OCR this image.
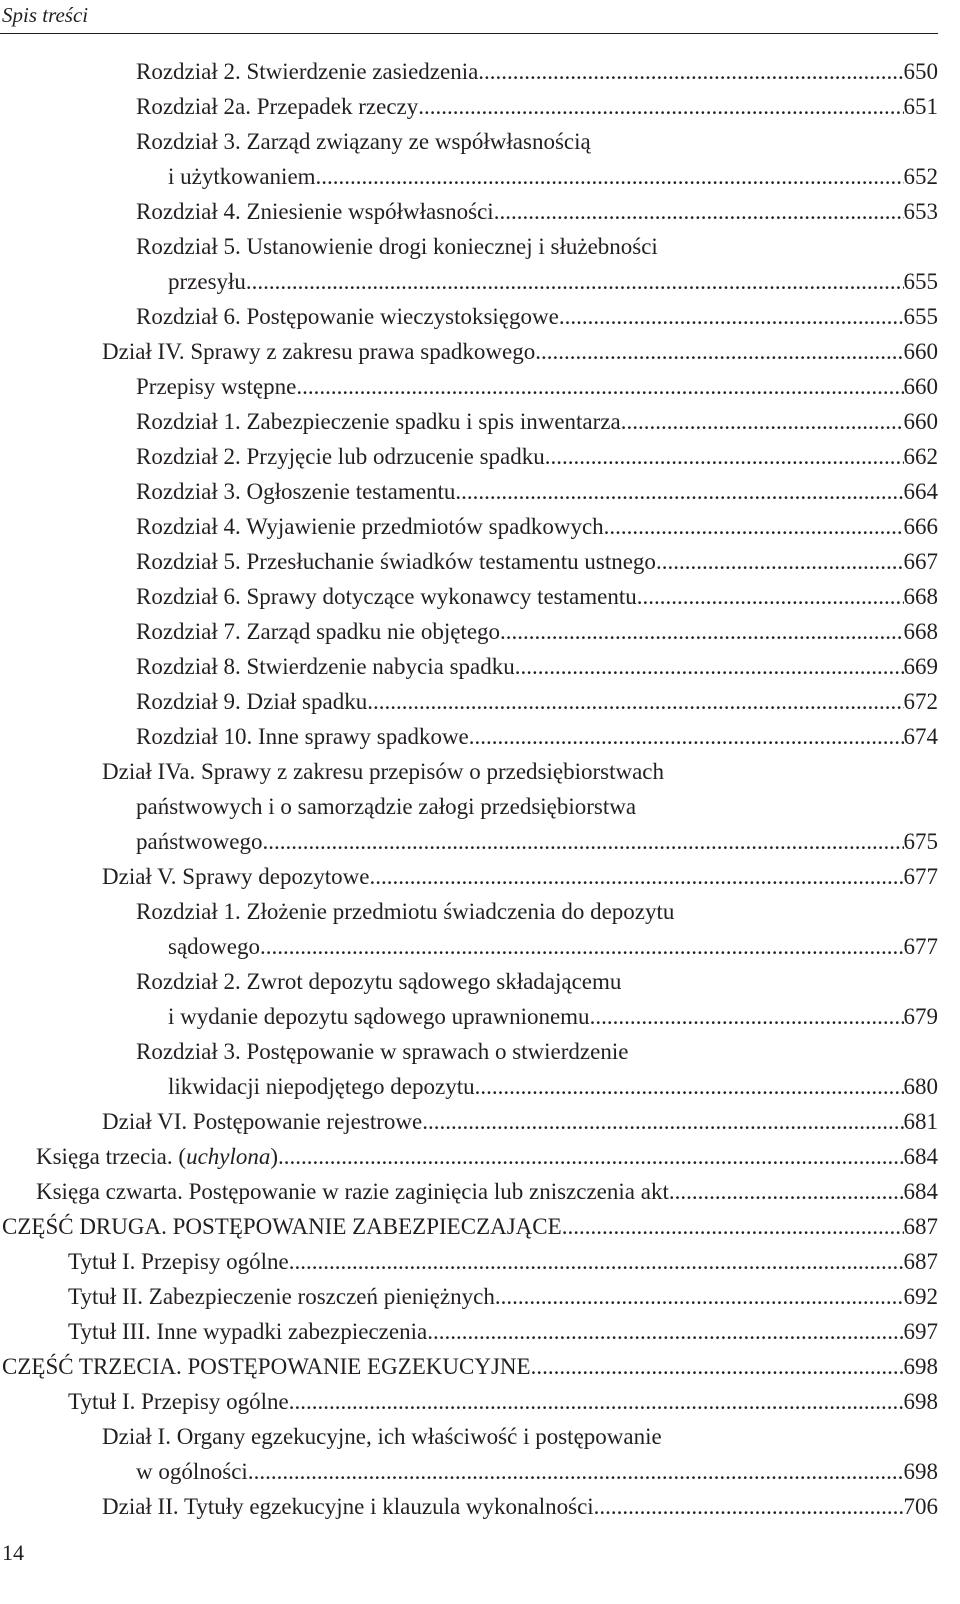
Spis treści
Rozdział 2. Stwierdzenie zasiedzenia .....	650
Rozdział 2a. Przepadek rzeczy .....	651
Rozdział 3. Zarząd związany ze współwłasnością
i użytkowaniem .....	652
Rozdział 4. Zniesienie współwłasności .....	653
Rozdział 5. Ustanowienie drogi koniecznej i służebności
przesyłu .....	655
Rozdział 6. Postępowanie wieczystoksięgowe .....	655
Dział IV. Sprawy z zakresu prawa spadkowego .....	660
Przepisy wstępne .....	660
Rozdział 1. Zabezpieczenie spadku i spis inwentarza .....	660
Rozdział 2. Przyjęcie lub odrzucenie spadku .....	662
Rozdział 3. Ogłoszenie testamentu .....	664
Rozdział 4. Wyjawienie przedmiotów spadkowych .....	666
Rozdział 5. Przesłuchanie świadków testamentu ustnego .....	667
Rozdział 6. Sprawy dotyczące wykonawcy testamentu .....	668
Rozdział 7. Zarząd spadku nie objętego .....	668
Rozdział 8. Stwierdzenie nabycia spadku .....	669
Rozdział 9. Dział spadku .....	672
Rozdział 10. Inne sprawy spadkowe .....	674
Dział IVa. Sprawy z zakresu przepisów o przedsiębiorstwach
państwowych i o samorządzie załogi przedsiębiorstwa
państwowego .....	675
Dział V. Sprawy depozytowe .....	677
Rozdział 1. Złożenie przedmiotu świadczenia do depozytu
sądowego .....	677
Rozdział 2. Zwrot depozytu sądowego składającemu
i wydanie depozytu sądowego uprawnionemu .....	679
Rozdział 3. Postępowanie w sprawach o stwierdzenie
likwidacji niepodjętego depozytu .....	680
Dział VI. Postępowanie rejestrowe .....	681
Księga trzecia. (uchylona) .....	684
Księga czwarta. Postępowanie w razie zaginięcia lub zniszczenia akt .....	684
CZĘŚĆ DRUGA. POSTĘPOWANIE ZABEZPIECZAJĄCE .....	687
Tytuł I. Przepisy ogólne .....	687
Tytuł II. Zabezpieczenie roszczeń pieniężnych .....	692
Tytuł III. Inne wypadki zabezpieczenia .....	697
CZĘŚĆ TRZECIA. POSTĘPOWANIE EGZEKUCYJNE .....	698
Tytuł I. Przepisy ogólne .....	698
Dział I. Organy egzekucyjne, ich właściwość i postępowanie
w ogólności .....	698
Dział II. Tytuły egzekucyjne i klauzula wykonalności .....	706
14
